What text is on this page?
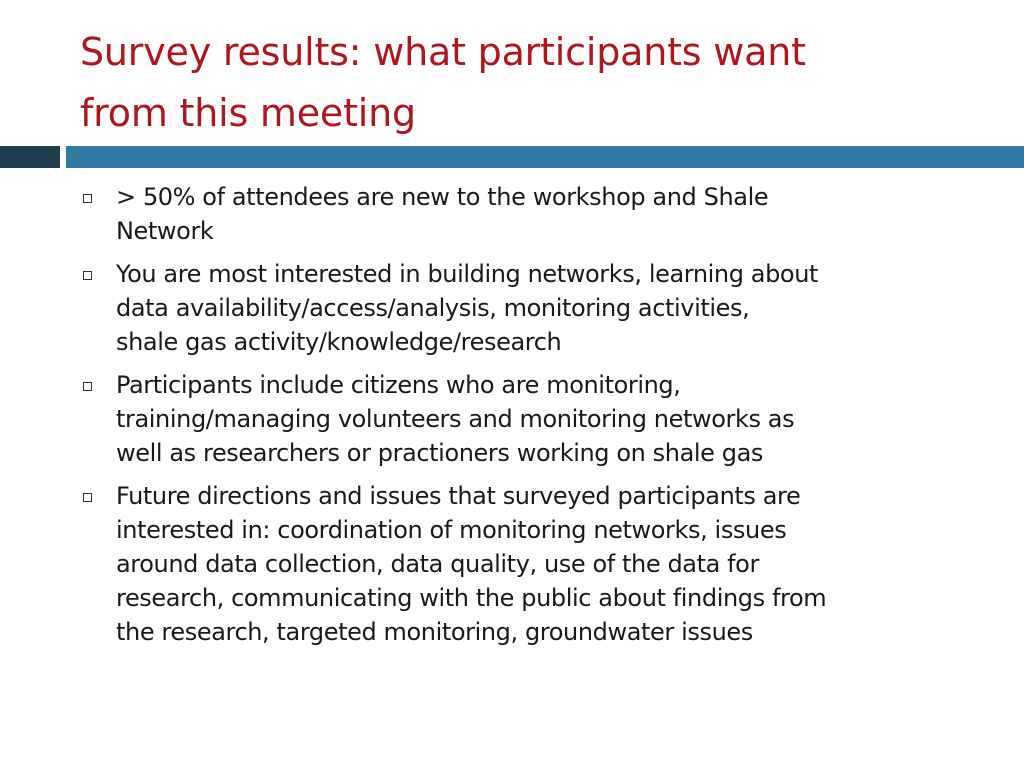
Survey results: what participants want
from this meeting
> 50% of attendees are new to the workshop and Shale
Network
You are most interested in building networks, learning about
data availability/access/analysis, monitoring activities,
shale gas activity/knowledge/research
Participants include citizens who are monitoring,
training/managing volunteers and monitoring networks as
well as researchers or practioners working on shale gas
Future directions and issues that surveyed participants are
interested in: coordination of monitoring networks, issues
around data collection, data quality, use of the data for
research, communicating with the public about findings from
the research, targeted monitoring, groundwater issues
